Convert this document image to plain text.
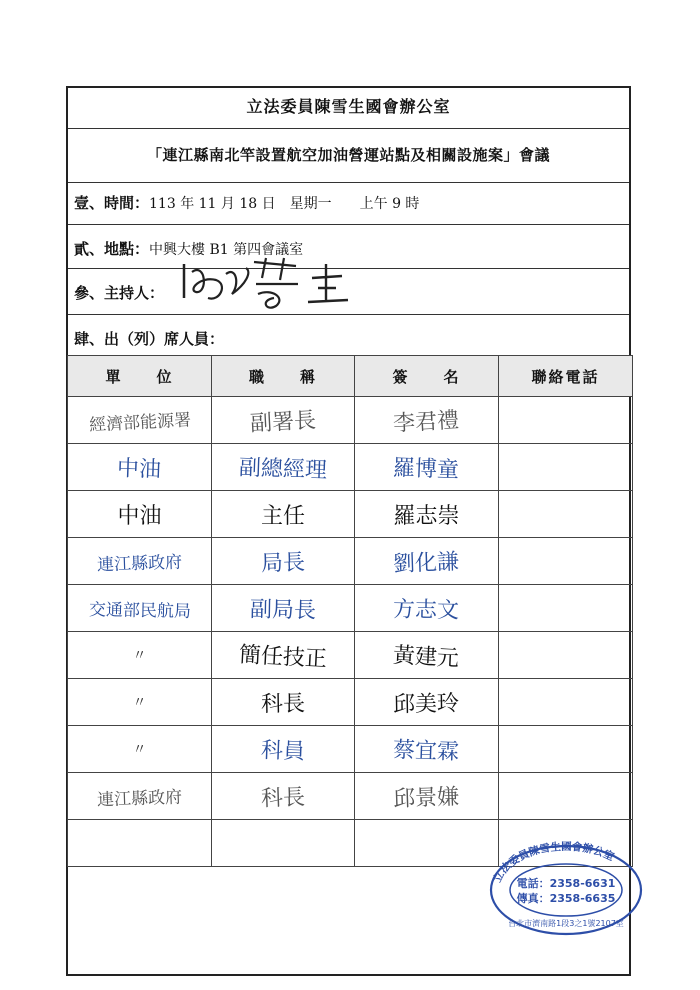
立法委員陳雪生國會辦公室
「連江縣南北竿設置航空加油營運站點及相關設施案」會議
壹、時間：113 年 11 月 18 日　星期一　　上午 9 時
貳、地點：中興大樓 B1 第四會議室
參、主持人：
肆、出（列）席人員：
單　　位	職　　稱	簽　　名	聯絡電話
經濟部能源署	副署長	李君禮	
中油	副總經理	羅博童	
中油	主任	羅志崇	
連江縣政府	局長	劉化謙	
交通部民航局	副局長	方志文	
〃	簡任技正	黃建元	
〃	科長	邱美玲	
〃	科員	蔡宜霖	
連江縣政府	科長	邱景嫌	

立法委員陳雪生國會辦公室
電話：2358-6631
傳真：2358-6635
台北市濟南路1段3之1號2107室
